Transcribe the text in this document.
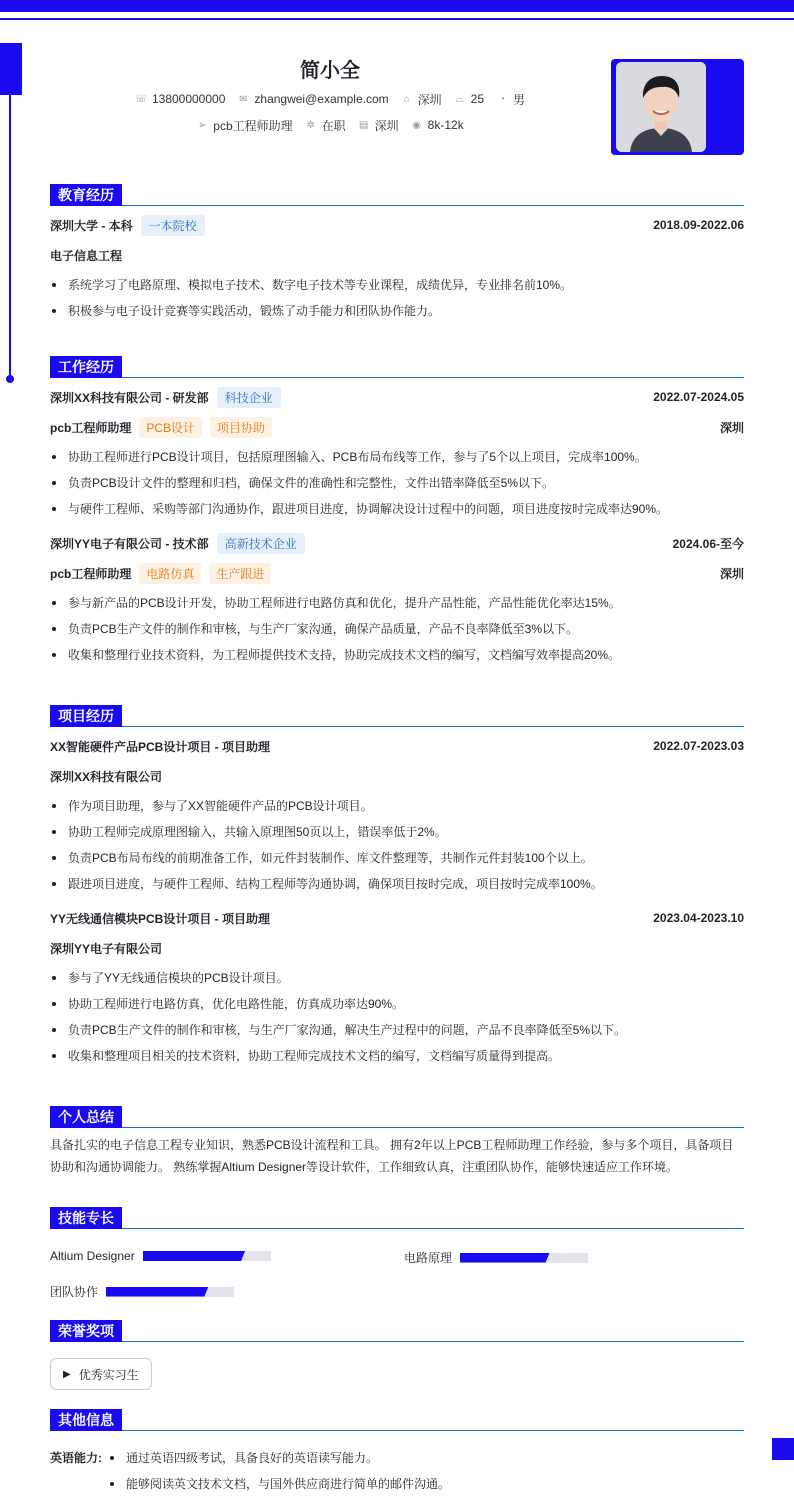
简小全
☏ 13800000000 ✉ zhangwei@example.com ⌂ 深圳 ⌓ 25 ◔ 男
➢ pcb工程师助理 ✲ 在职 ▤ 深圳 ◉ 8k-12k
教育经历
深圳大学 - 本科	一本院校	2018.09-2022.06
电子信息工程
系统学习了电路原理、模拟电子技术、数字电子技术等专业课程，成绩优异，专业排名前10%。
积极参与电子设计竞赛等实践活动，锻炼了动手能力和团队协作能力。
工作经历
深圳XX科技有限公司 - 研发部	科技企业	2022.07-2024.05
pcb工程师助理	PCB设计	项目协助	深圳
协助工程师进行PCB设计项目，包括原理图输入、PCB布局布线等工作，参与了5个以上项目，完成率100%。
负责PCB设计文件的整理和归档，确保文件的准确性和完整性，文件出错率降低至5%以下。
与硬件工程师、采购等部门沟通协作，跟进项目进度，协调解决设计过程中的问题，项目进度按时完成率达90%。
深圳YY电子有限公司 - 技术部	高新技术企业	2024.06-至今
pcb工程师助理	电路仿真	生产跟进	深圳
参与新产品的PCB设计开发，协助工程师进行电路仿真和优化，提升产品性能，产品性能优化率达15%。
负责PCB生产文件的制作和审核，与生产厂家沟通，确保产品质量，产品不良率降低至3%以下。
收集和整理行业技术资料，为工程师提供技术支持，协助完成技术文档的编写，文档编写效率提高20%。
项目经历
XX智能硬件产品PCB设计项目 - 项目助理	2022.07-2023.03
深圳XX科技有限公司
作为项目助理，参与了XX智能硬件产品的PCB设计项目。
协助工程师完成原理图输入，共输入原理图50页以上，错误率低于2%。
负责PCB布局布线的前期准备工作，如元件封装制作、库文件整理等，共制作元件封装100个以上。
跟进项目进度，与硬件工程师、结构工程师等沟通协调，确保项目按时完成，项目按时完成率100%。
YY无线通信模块PCB设计项目 - 项目助理	2023.04-2023.10
深圳YY电子有限公司
参与了YY无线通信模块的PCB设计项目。
协助工程师进行电路仿真，优化电路性能，仿真成功率达90%。
负责PCB生产文件的制作和审核，与生产厂家沟通，解决生产过程中的问题，产品不良率降低至5%以下。
收集和整理项目相关的技术资料，协助工程师完成技术文档的编写，文档编写质量得到提高。
个人总结
具备扎实的电子信息工程专业知识，熟悉PCB设计流程和工具。 拥有2年以上PCB工程师助理工作经验，参与多个项目，具备项目
协助和沟通协调能力。 熟练掌握Altium Designer等设计软件，工作细致认真，注重团队协作，能够快速适应工作环境。
技能专长
Altium Designer	电路原理
团队协作
荣誉奖项
▶ 优秀实习生
其他信息
英语能力:	通过英语四级考试，具备良好的英语读写能力。
能够阅读英文技术文档，与国外供应商进行简单的邮件沟通。
